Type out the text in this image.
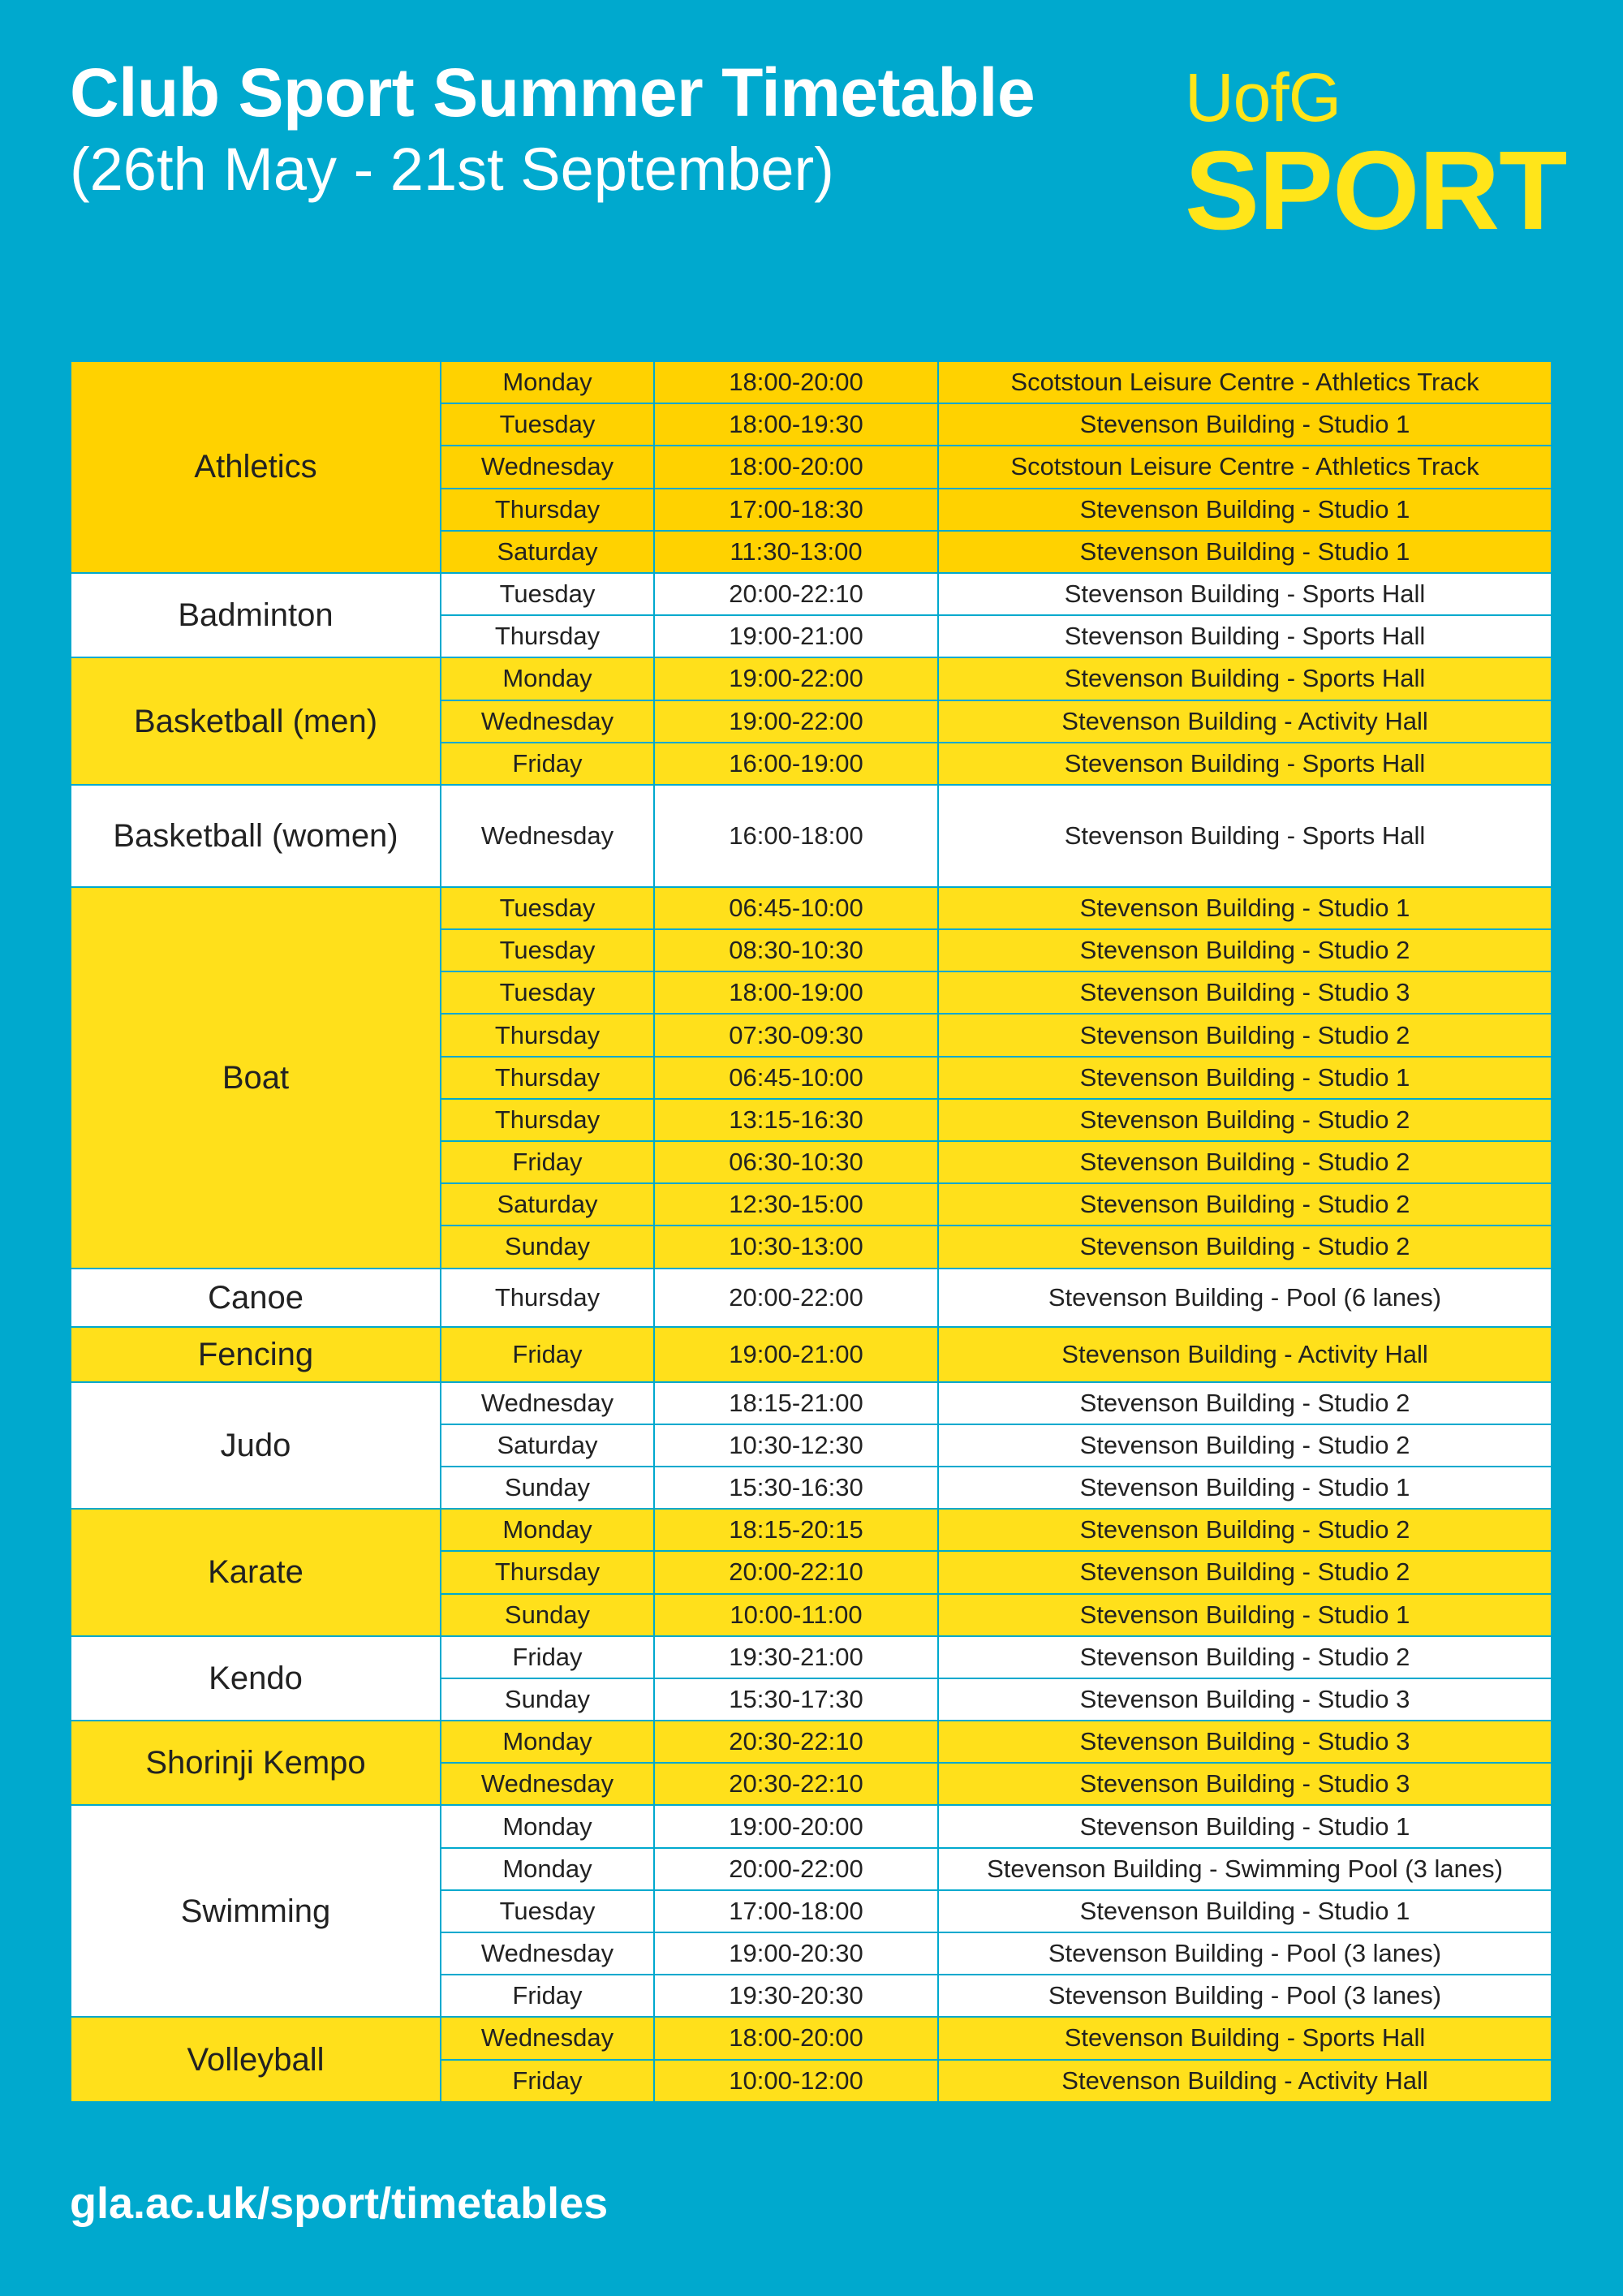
Club Sport Summer Timetable
(26th May - 21st September)
UofG
SPORT
Athletics	Monday	18:00-20:00	Scotstoun Leisure Centre - Athletics Track
	Tuesday	18:00-19:30	Stevenson Building - Studio 1
	Wednesday	18:00-20:00	Scotstoun Leisure Centre - Athletics Track
	Thursday	17:00-18:30	Stevenson Building - Studio 1
	Saturday	11:30-13:00	Stevenson Building - Studio 1
Badminton	Tuesday	20:00-22:10	Stevenson Building - Sports Hall
	Thursday	19:00-21:00	Stevenson Building - Sports Hall
Basketball (men)	Monday	19:00-22:00	Stevenson Building - Sports Hall
	Wednesday	19:00-22:00	Stevenson Building - Activity Hall
	Friday	16:00-19:00	Stevenson Building - Sports Hall
Basketball (women)	Wednesday	16:00-18:00	Stevenson Building - Sports Hall
Boat	Tuesday	06:45-10:00	Stevenson Building - Studio 1
	Tuesday	08:30-10:30	Stevenson Building - Studio 2
	Tuesday	18:00-19:00	Stevenson Building - Studio 3
	Thursday	07:30-09:30	Stevenson Building - Studio 2
	Thursday	06:45-10:00	Stevenson Building - Studio 1
	Thursday	13:15-16:30	Stevenson Building - Studio 2
	Friday	06:30-10:30	Stevenson Building - Studio 2
	Saturday	12:30-15:00	Stevenson Building - Studio 2
	Sunday	10:30-13:00	Stevenson Building - Studio 2
Canoe	Thursday	20:00-22:00	Stevenson Building - Pool (6 lanes)
Fencing	Friday	19:00-21:00	Stevenson Building - Activity Hall
Judo	Wednesday	18:15-21:00	Stevenson Building - Studio 2
	Saturday	10:30-12:30	Stevenson Building - Studio 2
	Sunday	15:30-16:30	Stevenson Building - Studio 1
Karate	Monday	18:15-20:15	Stevenson Building - Studio 2
	Thursday	20:00-22:10	Stevenson Building - Studio 2
	Sunday	10:00-11:00	Stevenson Building - Studio 1
Kendo	Friday	19:30-21:00	Stevenson Building - Studio 2
	Sunday	15:30-17:30	Stevenson Building - Studio 3
Shorinji Kempo	Monday	20:30-22:10	Stevenson Building - Studio 3
	Wednesday	20:30-22:10	Stevenson Building - Studio 3
Swimming	Monday	19:00-20:00	Stevenson Building - Studio 1
	Monday	20:00-22:00	Stevenson Building - Swimming Pool (3 lanes)
	Tuesday	17:00-18:00	Stevenson Building - Studio 1
	Wednesday	19:00-20:30	Stevenson Building - Pool (3 lanes)
	Friday	19:30-20:30	Stevenson Building - Pool (3 lanes)
Volleyball	Wednesday	18:00-20:00	Stevenson Building - Sports Hall
	Friday	10:00-12:00	Stevenson Building - Activity Hall
gla.ac.uk/sport/timetables
